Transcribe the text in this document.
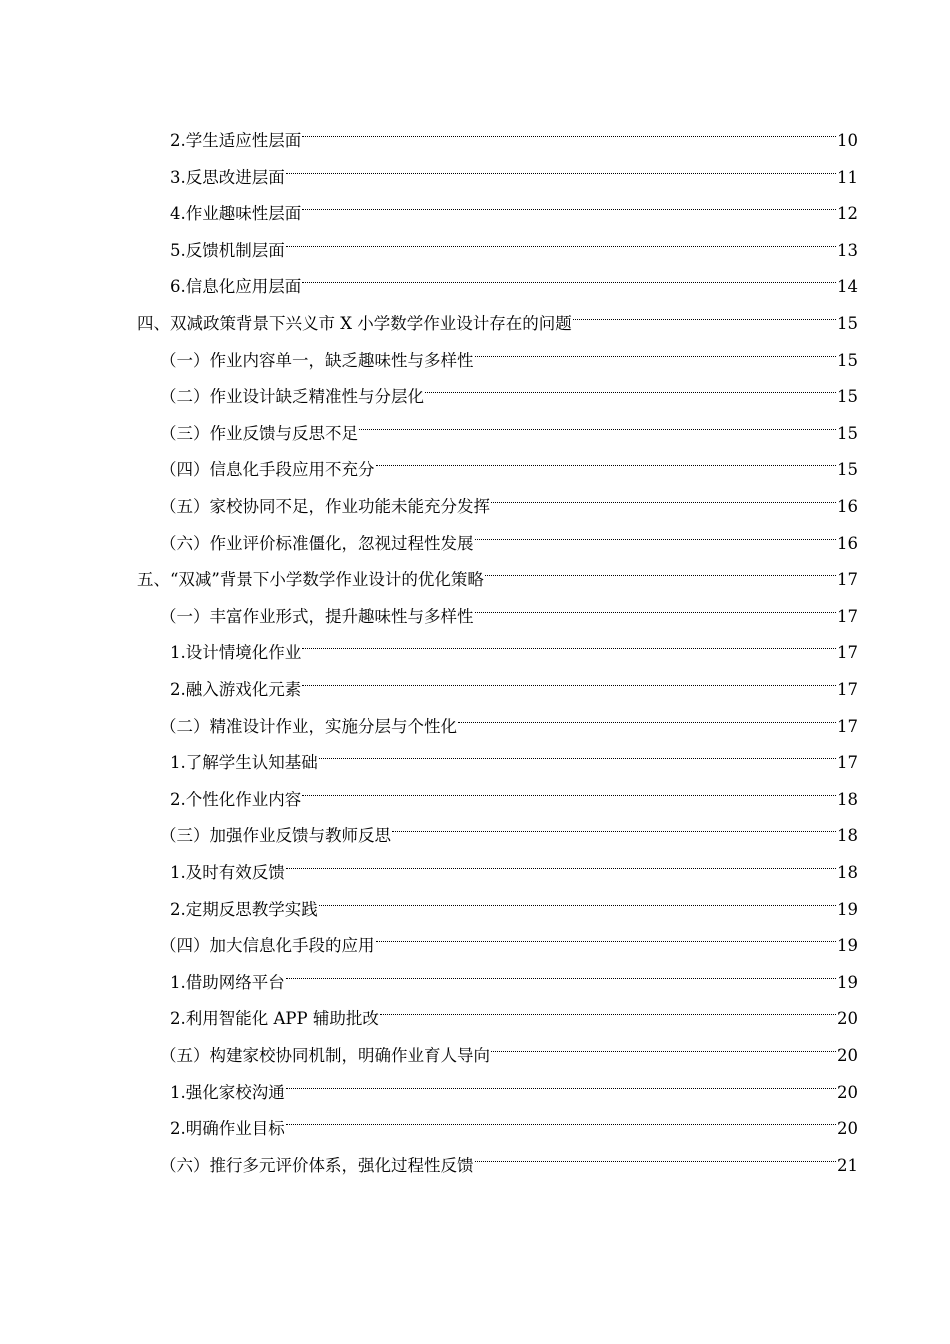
2.学生适应性层面	10
3.反思改进层面	11
4.作业趣味性层面	12
5.反馈机制层面	13
6.信息化应用层面	14
四、双减政策背景下兴义市 X 小学数学作业设计存在的问题	15
（一）作业内容单一，缺乏趣味性与多样性	15
（二）作业设计缺乏精准性与分层化	15
（三）作业反馈与反思不足	15
（四）信息化手段应用不充分	15
（五）家校协同不足，作业功能未能充分发挥	16
（六）作业评价标准僵化，忽视过程性发展	16
五、“双减”背景下小学数学作业设计的优化策略	17
（一）丰富作业形式，提升趣味性与多样性	17
1.设计情境化作业	17
2.融入游戏化元素	17
（二）精准设计作业，实施分层与个性化	17
1.了解学生认知基础	17
2.个性化作业内容	18
（三）加强作业反馈与教师反思	18
1.及时有效反馈	18
2.定期反思教学实践	19
（四）加大信息化手段的应用	19
1.借助网络平台	19
2.利用智能化 APP 辅助批改	20
（五）构建家校协同机制，明确作业育人导向	20
1.强化家校沟通	20
2.明确作业目标	20
（六）推行多元评价体系，强化过程性反馈	21
